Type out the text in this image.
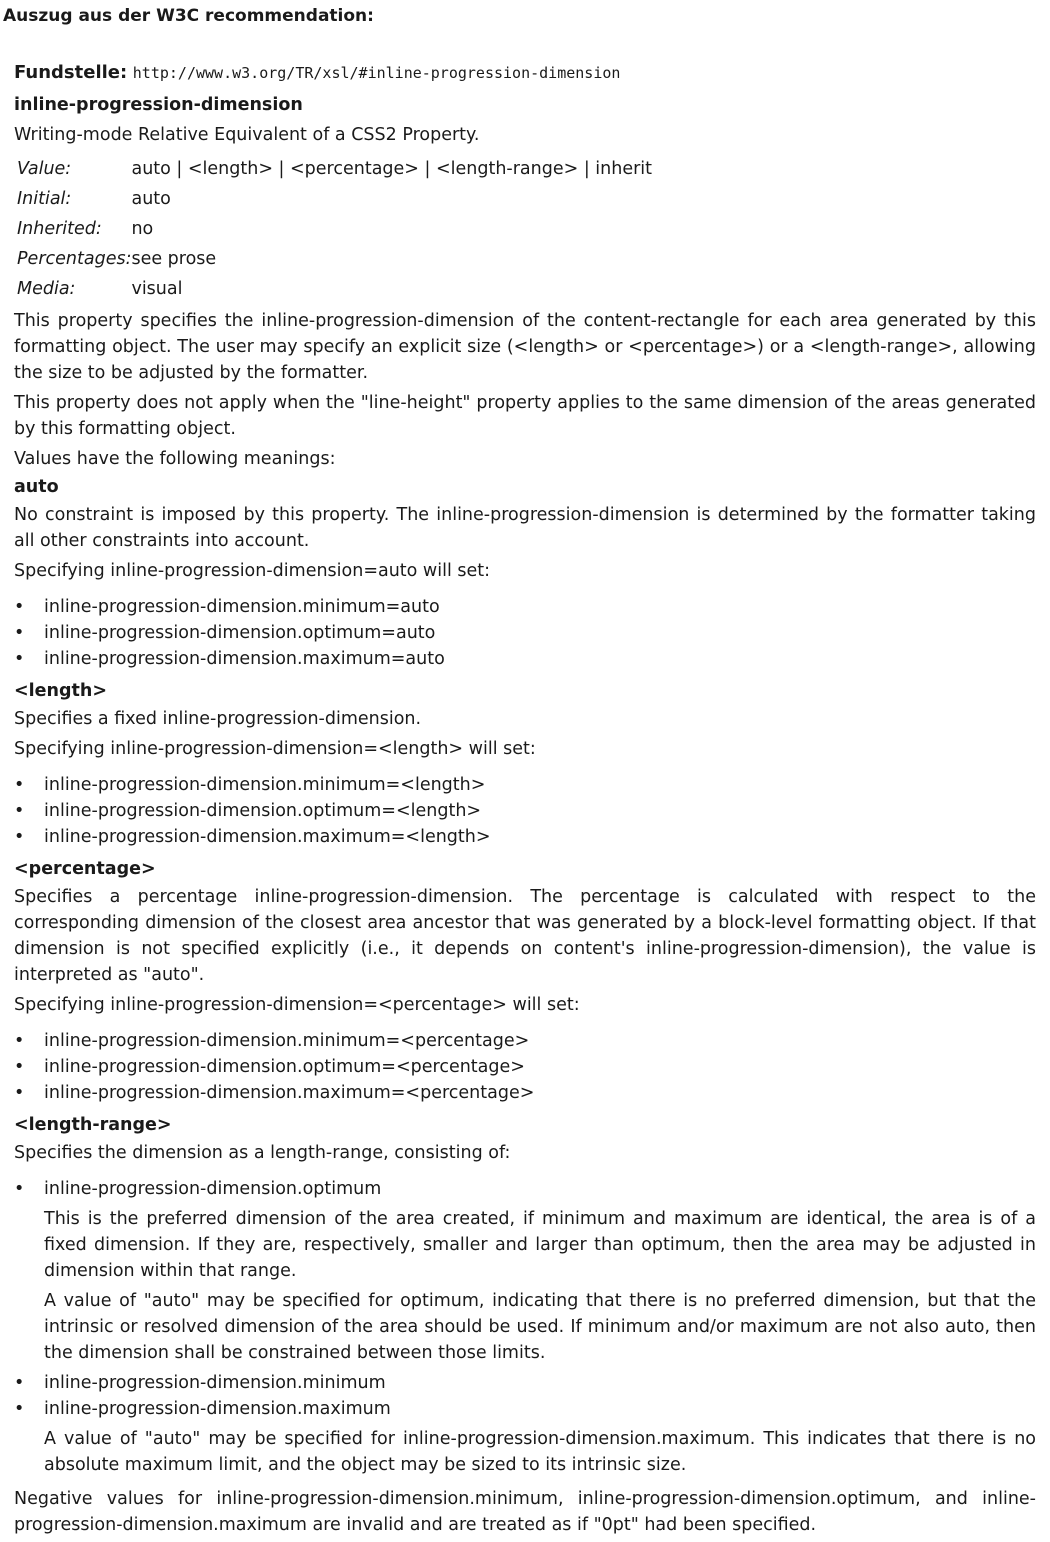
Auszug aus der W3C recommendation:
Fundstelle: http://www.w3.org/TR/xsl/#inline-progression-dimension
inline-progression-dimension
Writing-mode Relative Equivalent of a CSS2 Property.
Value:	auto | <length> | <percentage> | <length-range> | inherit
Initial:	auto
Inherited:	no
Percentages:	see prose
Media:	visual

This property specifies the inline-progression-dimension of the content-rectangle for each area generated by this formatting object. The user may specify an explicit size (<length> or <percentage>) or a <length-range>, allowing the size to be adjusted by the formatter.

This property does not apply when the "line-height" property applies to the same dimension of the areas generated by this formatting object.

Values have the following meanings:

auto

No constraint is imposed by this property. The inline-progression-dimension is determined by the formatter taking all other constraints into account.

Specifying inline-progression-dimension=auto will set:

• inline-progression-dimension.minimum=auto
• inline-progression-dimension.optimum=auto
• inline-progression-dimension.maximum=auto
<length>

Specifies a fixed inline-progression-dimension.

Specifying inline-progression-dimension=<length> will set:

• inline-progression-dimension.minimum=<length>
• inline-progression-dimension.optimum=<length>
• inline-progression-dimension.maximum=<length>
<percentage>

Specifies a percentage inline-progression-dimension. The percentage is calculated with respect to the corresponding dimension of the closest area ancestor that was generated by a block-level formatting object. If that dimension is not specified explicitly (i.e., it depends on content's inline-progression-dimension), the value is interpreted as "auto".

Specifying inline-progression-dimension=<percentage> will set:

• inline-progression-dimension.minimum=<percentage>
• inline-progression-dimension.optimum=<percentage>
• inline-progression-dimension.maximum=<percentage>
<length-range>

Specifies the dimension as a length-range, consisting of:

• inline-progression-dimension.optimum

This is the preferred dimension of the area created, if minimum and maximum are identical, the area is of a fixed dimension. If they are, respectively, smaller and larger than optimum, then the area may be adjusted in dimension within that range.

A value of "auto" may be specified for optimum, indicating that there is no preferred dimension, but that the intrinsic or resolved dimension of the area should be used. If minimum and/or maximum are not also auto, then the dimension shall be constrained between those limits.

• inline-progression-dimension.minimum
• inline-progression-dimension.maximum

A value of "auto" may be specified for inline-progression-dimension.maximum. This indicates that there is no absolute maximum limit, and the object may be sized to its intrinsic size.

Negative values for inline-progression-dimension.minimum, inline-progression-dimension.optimum, and inline-progression-dimension.maximum are invalid and are treated as if "0pt" had been specified.
